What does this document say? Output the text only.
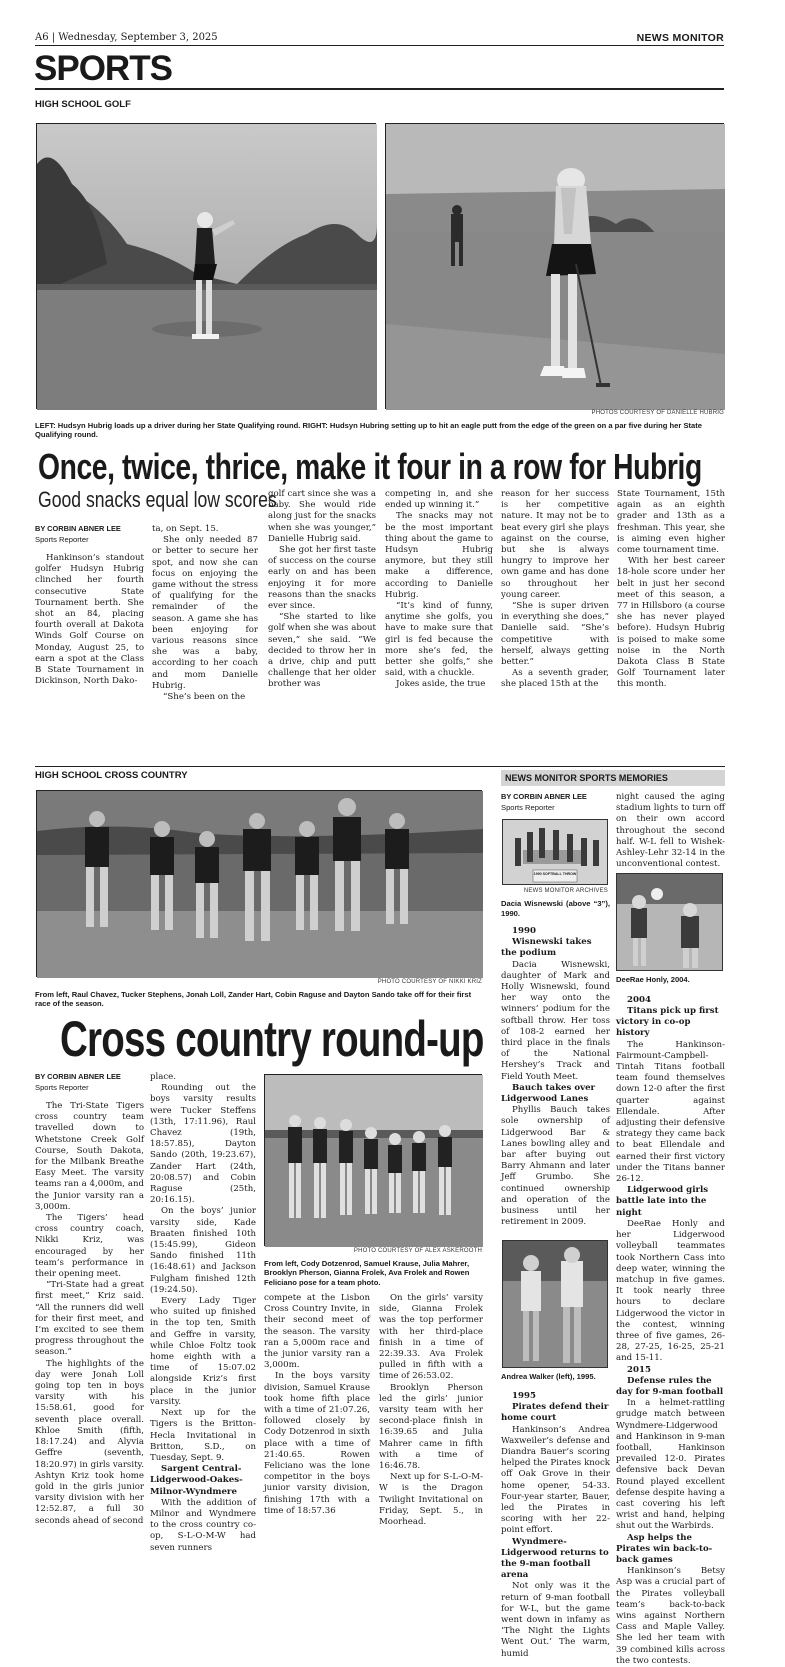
A6 | Wednesday, September 3, 2025	NEWS MONITOR
SPORTS
HIGH SCHOOL GOLF
PHOTOS COURTESY OF DANIELLE HUBRIG
LEFT: Hudsyn Hubrig loads up a driver during her State Qualifying round. RIGHT: Hudsyn Hubring setting up to hit an eagle putt from the edge of the green on a par five during her State Qualifying round.
Once, twice, thrice, make it four in a row for Hubrig
Good snacks equal low scores
BY CORBIN ABNER LEE
Sports Reporter

Hankinson’s standout golfer Hudsyn Hubrig clinched her fourth consecutive State Tournament berth. She shot an 84, placing fourth overall at Dakota Winds Golf Course on Monday, August 25, to earn a spot at the Class B State Tournament in Dickinson, North Dako-

ta, on Sept. 15.

She only needed 87 or better to secure her spot, and now she can focus on enjoying the game without the stress of qualifying for the remainder of the season. A game she has been enjoying for various reasons since she was a baby, according to her coach and mom Danielle Hubrig.

“She’s been on the

golf cart since she was a baby. She would ride along just for the snacks when she was younger,” Danielle Hubrig said.

She got her first taste of success on the course early on and has been enjoying it for more reasons than the snacks ever since.

“She started to like golf when she was about seven,” she said. “We decided to throw her in a drive, chip and putt challenge that her older brother was

competing in, and she ended up winning it.”

The snacks may not be the most important thing about the game to Hudsyn Hubrig anymore, but they still make a difference, according to Danielle Hubrig.

“It’s kind of funny, anytime she golfs, you have to make sure that girl is fed because the more she’s fed, the better she golfs,” she said, with a chuckle.

Jokes aside, the true

reason for her success is her competitive nature. It may not be to beat every girl she plays against on the course, but she is always hungry to improve her own game and has done so throughout her young career.

“She is super driven in everything she does,” Danielle said. “She’s competitive with herself, always getting better.”

As a seventh grader, she placed 15th at the

State Tournament, 15th again as an eighth grader and 13th as a freshman. This year, she is aiming even higher come tournament time.

With her best career 18-hole score under her belt in just her second meet of this season, a 77 in Hillsboro (a course she has never played before). Hudsyn Hubrig is poised to make some noise in the North Dakota Class B State Golf Tournament later this month.

HIGH SCHOOL CROSS COUNTRY
PHOTO COURTESY OF NIKKI KRIZ
From left, Raul Chavez, Tucker Stephens, Jonah Loll, Zander Hart, Cobin Raguse and Dayton Sando take off for their first race of the season.
Cross country round-up
BY CORBIN ABNER LEE
Sports Reporter

The Tri-State Tigers cross country team travelled down to Whetstone Creek Golf Course, South Dakota, for the Milbank Breathe Easy Meet. The varsity teams ran a 4,000m, and the Junior varsity ran a 3,000m.

The Tigers’ head cross country coach, Nikki Kriz, was encouraged by her team’s performance in their opening meet.

“Tri-State had a great first meet,” Kriz said. “All the runners did well for their first meet, and I’m excited to see them progress throughout the season.”

The highlights of the day were Jonah Loll going top ten in boys varsity with his 15:58.61, good for seventh place overall. Khloe Smith (fifth, 18:17.24) and Alyvia Geffre (seventh, 18:20.97) in girls varsity. Ashtyn Kriz took home gold in the girls junior varsity division with her 12:52.87, a full 30 seconds ahead of second

place.

Rounding out the boys varsity results were Tucker Steffens (13th, 17:11.96), Raul Chavez (19th, 18:57.85), Dayton Sando (20th, 19:23.67), Zander Hart (24th, 20:08.57) and Cobin Raguse (25th, 20:16.15).

On the boys’ junior varsity side, Kade Braaten finished 10th (15:45.99), Gideon Sando finished 11th (16:48.61) and Jackson Fulgham finished 12th (19:24.50).

Every Lady Tiger who suited up finished in the top ten, Smith and Geffre in varsity, while Chloe Foltz took home eighth with a time of 15:07.02 alongside Kriz’s first place in the junior varsity.

Next up for the Tigers is the Britton-Hecla Invitational in Britton, S.D., on Tuesday, Sept. 9.

Sargent Central-Lidgerwood-Oakes-Milnor-Wyndmere

With the addition of Milnor and Wyndmere to the cross country co-op, S-L-O-M-W had seven runners

PHOTO COURTESY OF ALEX ASKEROOTH
From left, Cody Dotzenrod, Samuel Krause, Julia Mahrer, Brooklyn Pherson, Gianna Frolek, Ava Frolek and Rowen Feliciano pose for a team photo.

compete at the Lisbon Cross Country Invite, in their second meet of the season. The varsity ran a 5,000m race and the junior varsity ran a 3,000m.

In the boys varsity division, Samuel Krause took home fifth place with a time of 21:07.26, followed closely by Cody Dotzenrod in sixth place with a time of 21:40.65. Rowen Feliciano was the lone competitor in the boys junior varsity division, finishing 17th with a time of 18:57.36

On the girls’ varsity side, Gianna Frolek was the top performer with her third-place finish in a time of 22:39.33. Ava Frolek pulled in fifth with a time of 26:53.02.

Brooklyn Pherson led the girls’ junior varsity team with her second-place finish in 16:39.65 and Julia Mahrer came in fifth with a time of 16:46.78.

Next up for S-L-O-M-W is the Dragon Twilight Invitational on Friday, Sept. 5., in Moorhead.

NEWS MONITOR SPORTS MEMORIES
BY CORBIN ABNER LEE
Sports Reporter
1990 SOFTBALL THROW
NEWS MONITOR ARCHIVES
Dacia Wisnewski (above “3”), 1990.
1990
Wisnewski takes the podium

Dacia Wisnewski, daughter of Mark and Holly Wisnewski, found her way onto the winners’ podium for the softball throw. Her toss of 108-2 earned her third place in the finals of the National Hershey’s Track and Field Youth Meet.

Bauch takes over Lidgerwood Lanes

Phyllis Bauch takes sole ownership of Lidgerwood Bar & Lanes bowling alley and bar after buying out Barry Ahmann and later Jeff Grumbo. She continued ownership and operation of the business until her retirement in 2009.

Andrea Walker (left), 1995.
1995
Pirates defend their home court

Hankinson’s Andrea Waxweiler’s defense and Diandra Bauer’s scoring helped the Pirates knock off Oak Grove in their home opener, 54-33. Four-year starter, Bauer, led the Pirates in scoring with her 22-point effort.

Wyndmere-Lidgerwood returns to the 9-man football arena

Not only was it the return of 9-man football for W-L, but the game went down in infamy as ‘The Night the Lights Went Out.’ The warm, humid

night caused the aging stadium lights to turn off on their own accord throughout the second half. W-L fell to Wishek-Ashley-Lehr 32-14 in the unconventional contest.

DeeRae Honly, 2004.
2004
Titans pick up first victory in co-op history

The Hankinson-Fairmount-Campbell-Tintah Titans football team found themselves down 12-0 after the first quarter against Ellendale. After adjusting their defensive strategy they came back to beat Ellendale and earned their first victory under the Titans banner 26-12.

Lidgerwood girls battle late into the night

DeeRae Honly and her Lidgerwood volleyball teammates took Northern Cass into deep water, winning the matchup in five games. It took nearly three hours to declare Lidgerwood the victor in the contest, winning three of five games, 26-28, 27-25, 16-25, 25-21 and 15-11.

2015
Defense rules the day for 9-man football

In a helmet-rattling grudge match between Wyndmere-Lidgerwood and Hankinson in 9-man football, Hankinson prevailed 12-0. Pirates defensive back Devan Round played excellent defense despite having a cast covering his left wrist and hand, helping shut out the Warbirds.

Asp helps the Pirates win back-to-back games

Hankinson’s Betsy Asp was a crucial part of the Pirates volleyball team’s back-to-back wins against Northern Cass and Maple Valley. She led her team with 39 combined kills across the two contests.
